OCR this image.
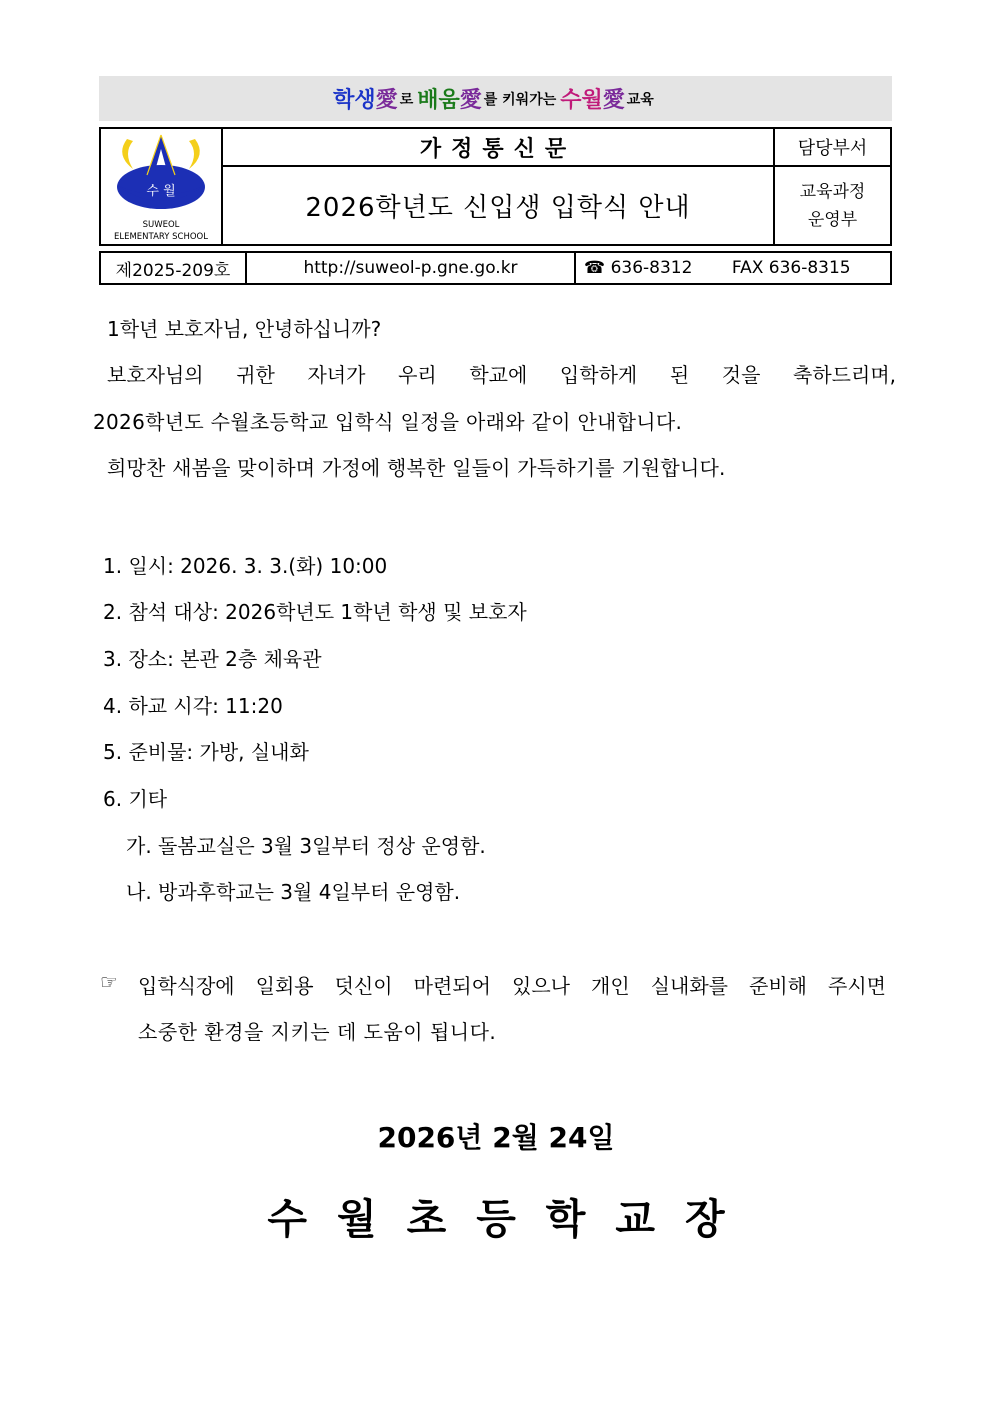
학생 愛 로 배움 愛 를 키워가는 수월 愛 교육
수 월
SUWEOL
ELEMENTARY SCHOOL	가정통신문	담당부서
	2026학년도 신입생 입학식 안내	교육과정
운영부
제2025-209호	http://suweol-p.gne.go.kr	☎ 636-8312 FAX 636-8315
1학년 보호자님, 안녕하십니까?
보호자님의 귀한 자녀가 우리 학교에 입학하게 된 것을 축하드리며,
2026학년도 수월초등학교 입학식 일정을 아래와 같이 안내합니다.
희망찬 새봄을 맞이하며 가정에 행복한 일들이 가득하기를 기원합니다.
1. 일시: 2026. 3. 3.(화) 10:00
2. 참석 대상: 2026학년도 1학년 학생 및 보호자
3. 장소: 본관 2층 체육관
4. 하교 시각: 11:20
5. 준비물: 가방, 실내화
6. 기타
가. 돌봄교실은 3월 3일부터 정상 운영함.
나. 방과후학교는 3월 4일부터 운영함.
☞ 입학식장에 일회용 덧신이 마련되어 있으나 개인 실내화를 준비해 주시면
소중한 환경을 지키는 데 도움이 됩니다.
2026년 2월 24일
수월초등학교장
